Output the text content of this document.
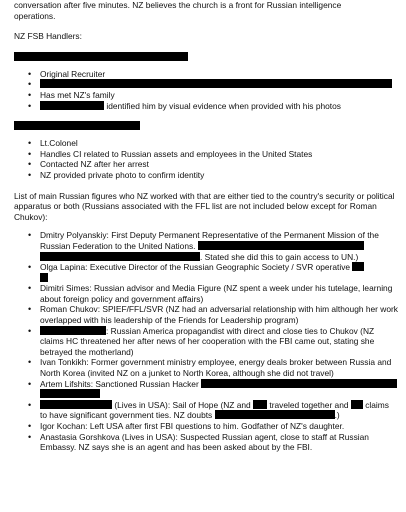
conversation after five minutes. NZ believes the church is a front for Russian intelligence

operations.

NZ FSB Handlers:

• Original Recruiter
•
• Has met NZ's family
• identified him by visual evidence when provided with his photos
• Lt.Colonel
• Handles CI related to Russian assets and employees in the United States
• Contacted NZ after her arrest
• NZ provided private photo to confirm identity

List of main Russian figures who NZ worked with that are either tied to the country's security or political apparatus or both (Russians associated with the FFL list are not included below except for Roman Chukov):

• Dmitry Polyanskiy: First Deputy Permanent Representative of the Permanent Mission of the Russian Federation to the United Nations.
. Stated she did this to gain access to UN.)
• Olga Lapina: Executive Director of the Russian Geographic Society / SVR operative

• Dimitri Simes: Russian advisor and Media Figure (NZ spent a week under his tutelage, learning about foreign policy and government affairs)
• Roman Chukov: SPIEF/FFL/SVR (NZ had an adversarial relationship with him although her work overlapped with his leadership of the Friends for Leadership program)
• : Russian America propagandist with direct and close ties to Chukov (NZ claims HC threatened her after news of her cooperation with the FBI came out, stating she betrayed the motherland)
• Ivan Tonkikh: Former government ministry employee, energy deals broker between Russia and North Korea (invited NZ on a junket to North Korea, although she did not travel)
• Artem Lifshits: Sanctioned Russian Hacker

• (Lives in USA): Sail of Hope (NZ and traveled together and claims to have significant government ties. NZ doubts	.)
• Igor Kochan: Left USA after first FBI questions to him. Godfather of NZ's daughter.
• Anastasia Gorshkova (Lives in USA): Suspected Russian agent, close to staff at Russian Embassy. NZ says she is an agent and has been asked about by the FBI.
